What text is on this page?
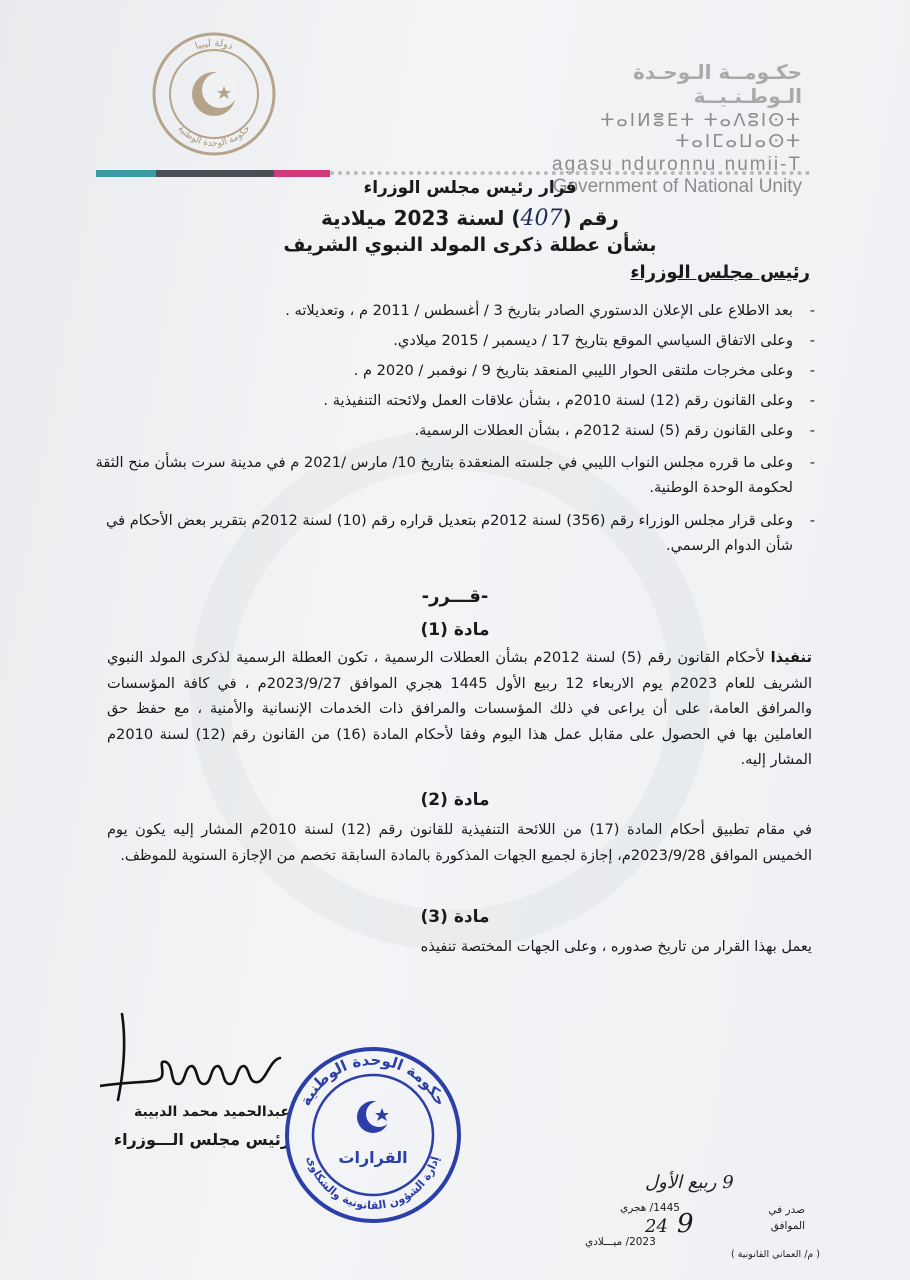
دولة ليبيا
حكومة الوحدة الوطنية
حكـومــة الـوحـدة الـوطـنـيــة
ⵜⴰⵏⵍⴻⴹⵜ ⵜⴰⴷⵓⵏⵙⵜ ⵜⴰⵏⵎⴰⵡⴰⵙⵜ
agasu nduronnu numii-T
Government of National Unity
قرار رئيس مجلس الوزراء
رقم (407) لسنة 2023 ميلادية
بشأن عطلة ذكرى المولد النبوي الشريف
رئيس مجلس الوزراء
- بعد الاطلاع على الإعلان الدستوري الصادر بتاريخ 3 / أغسطس / 2011 م ، وتعديلاته .
- وعلى الاتفاق السياسي الموقع بتاريخ 17 / ديسمبر / 2015 ميلادي.
- وعلى مخرجات ملتقى الحوار الليبي المنعقد بتاريخ 9 / نوفمبر / 2020 م .
- وعلى القانون رقم (12) لسنة 2010م ، بشأن علاقات العمل ولائحته التنفيذية .
- وعلى القانون رقم (5) لسنة 2012م ، بشأن العطلات الرسمية.
- وعلى ما قرره مجلس النواب الليبي في جلسته المنعقدة بتاريخ 10/ مارس /2021 م في مدينة سرت بشأن منح الثقة لحكومة الوحدة الوطنية.
- وعلى قرار مجلس الوزراء رقم (356) لسنة 2012م بتعديل قراره رقم (10) لسنة 2012م بتقرير بعض الأحكام في شأن الدوام الرسمي.
-قـــرر-
مادة (1)
تنفيذا لأحكام القانون رقم (5) لسنة 2012م بشأن العطلات الرسمية ، تكون العطلة الرسمية لذكرى المولد النبوي الشريف للعام 2023م يوم الاربعاء 12 ربيع الأول 1445 هجري الموافق 2023/9/27م ، في كافة المؤسسات والمرافق العامة، على أن يراعى في ذلك المؤسسات والمرافق ذات الخدمات الإنسانية والأمنية ، مع حفظ حق العاملين بها في الحصول على مقابل عمل هذا اليوم وفقا لأحكام المادة (16) من القانون رقم (12) لسنة 2010م المشار إليه.
مادة (2)
في مقام تطبيق أحكام المادة (17) من اللائحة التنفيذية للقانون رقم (12) لسنة 2010م المشار إليه يكون يوم الخميس الموافق 2023/9/28م، إجازة لجميع الجهات المذكورة بالمادة السابقة تخصم من الإجازة السنوية للموظف.
مادة (3)
يعمل بهذا القرار من تاريخ صدوره ، وعلى الجهات المختصة تنفيذه
عبدالحميد محمد الدبيبة
رئيس مجلس الـــوزراء
حكومة الوحدة الوطنية
إدارة الشؤون القانونية والشكاوى
القرارات
9 ربيع الأول
صدر في
1445/ هجري
الموافق
9
24
2023/ ميـــلادي
( م/ العماني القانونية )
